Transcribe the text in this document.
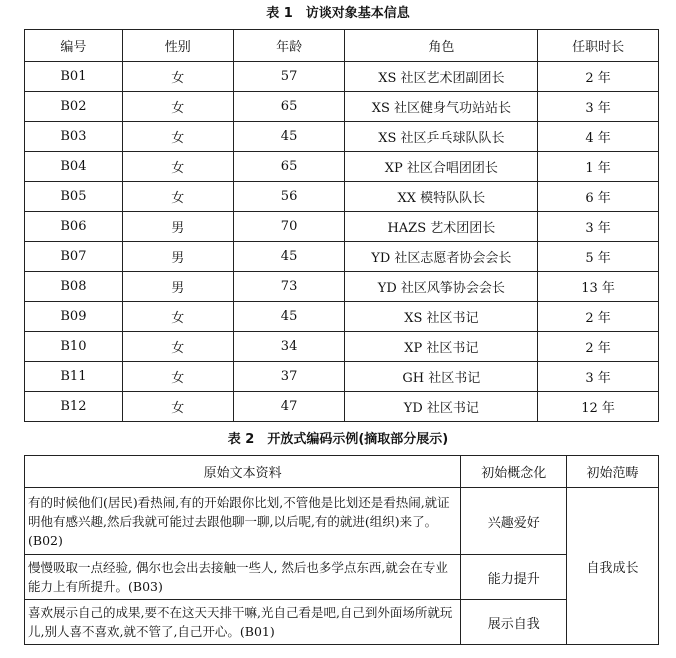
表 1　访谈对象基本信息
编号	性别	年龄	角色	任职时长
B01	女	57	XS 社区艺术团副团长	2 年
B02	女	65	XS 社区健身气功站站长	3 年
B03	女	45	XS 社区乒乓球队队长	4 年
B04	女	65	XP 社区合唱团团长	1 年
B05	女	56	XX 模特队队长	6 年
B06	男	70	HAZS 艺术团团长	3 年
B07	男	45	YD 社区志愿者协会会长	5 年
B08	男	73	YD 社区风筝协会会长	13 年
B09	女	45	XS 社区书记	2 年
B10	女	34	XP 社区书记	2 年
B11	女	37	GH 社区书记	3 年
B12	女	47	YD 社区书记	12 年
表 2　开放式编码示例(摘取部分展示)
原始文本资料	初始概念化	初始范畴
有的时候他们(居民)看热闹,有的开始跟你比划,不管他是比划还是看热闹,就证明他有感兴趣,然后我就可能过去跟他聊一聊,以后呢,有的就进(组织)来了。(B02)	兴趣爱好	自我成长
慢慢吸取一点经验, 偶尔也会出去接触一些人, 然后也多学点东西,就会在专业能力上有所提升。(B03)	能力提升	
喜欢展示自己的成果,要不在这天天排干嘛,光自己看是吧,自己到外面场所就玩儿,别人喜不喜欢,就不管了,自己开心。(B01)	展示自我	
